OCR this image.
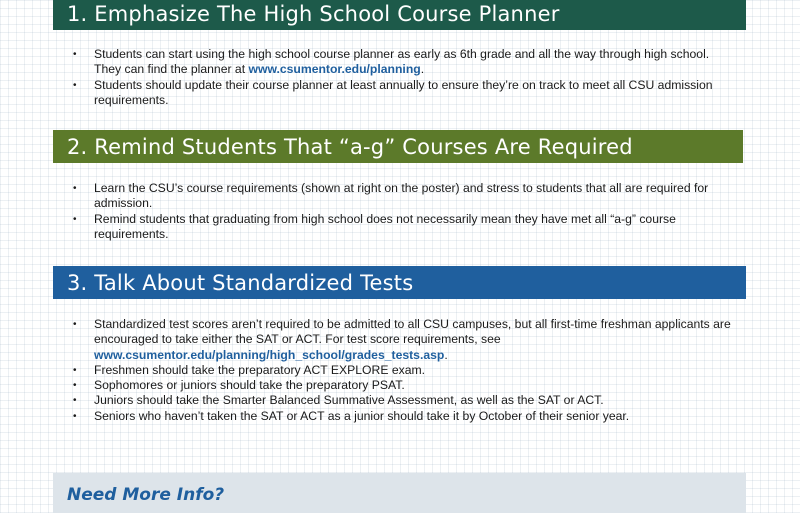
1. Emphasize The High School Course Planner
• Students can start using the high school course planner as early as 6th grade and all the way through high school. They can find the planner at www.csumentor.edu/planning.
• Students should update their course planner at least annually to ensure they’re on track to meet all CSU admission requirements.
2. Remind Students That “a-g” Courses Are Required
• Learn the CSU’s course requirements (shown at right on the poster) and stress to students that all are required for admission.
• Remind students that graduating from high school does not necessarily mean they have met all “a-g” course requirements.
3. Talk About Standardized Tests
• Standardized test scores aren’t required to be admitted to all CSU campuses, but all first-time freshman applicants are encouraged to take either the SAT or ACT. For test score requirements, see www.csumentor.edu/planning/high_school/grades_tests.asp.
• Freshmen should take the preparatory ACT EXPLORE exam.
• Sophomores or juniors should take the preparatory PSAT.
• Juniors should take the Smarter Balanced Summative Assessment, as well as the SAT or ACT.
• Seniors who haven’t taken the SAT or ACT as a junior should take it by October of their senior year.
Need More Info?
